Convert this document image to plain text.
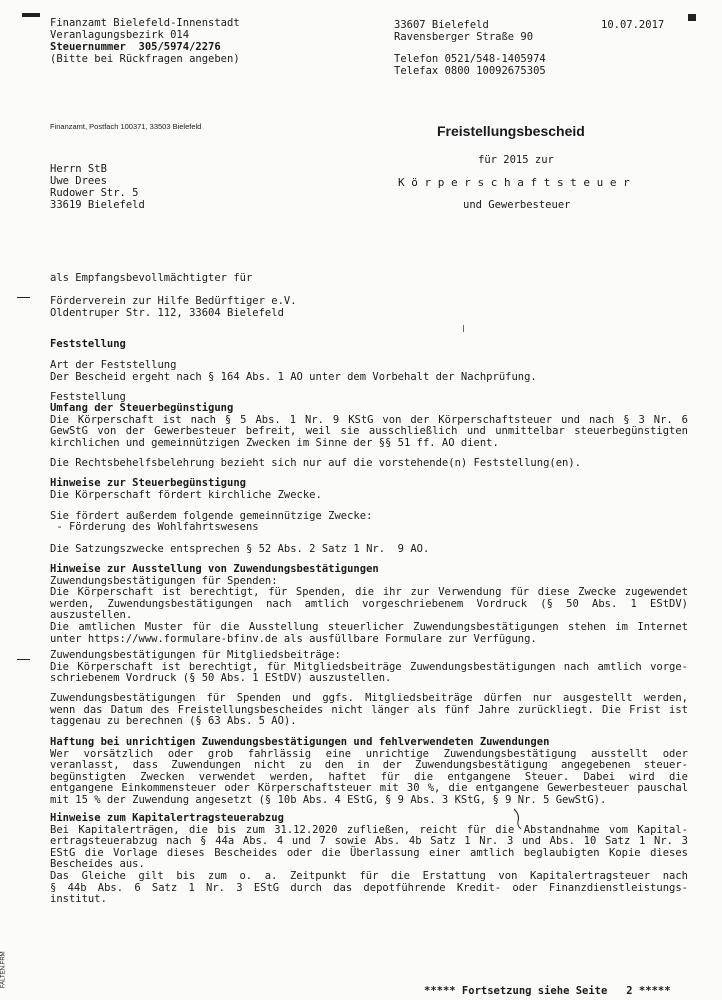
Finanzamt Bielefeld-Innenstadt
Veranlagungsbezirk 014
Steuernummer  305/5974/2276
(Bitte bei Rückfragen angeben)
33607 Bielefeld
Ravensberger Straße 90
10.07.2017
Telefon 0521/548-1405974
Telefax 0800 10092675305
Finanzamt, Postfach 100371, 33503 Bielefeld	Freistellungsbescheid
für 2015 zur
K ö r p e r s c h a f t s t e u e r
und Gewerbesteuer
Herrn StB
Uwe Drees
Rudower Str. 5
33619 Bielefeld
als Empfangsbevollmächtigter für
Förderverein zur Hilfe Bedürftiger e.V.
Oldentruper Str. 112, 33604 Bielefeld
Feststellung
Art der Feststellung
Der Bescheid ergeht nach § 164 Abs. 1 AO unter dem Vorbehalt der Nachprüfung.
Feststellung
Umfang der Steuerbegünstigung
Die Körperschaft ist nach § 5 Abs. 1 Nr. 9 KStG von der Körperschaftsteuer und nach § 3 Nr. 6
GewStG von der Gewerbesteuer befreit, weil sie ausschließlich und unmittelbar steuerbegünstigten
kirchlichen und gemeinnützigen Zwecken im Sinne der §§ 51 ff. AO dient.
Die Rechtsbehelfsbelehrung bezieht sich nur auf die vorstehende(n) Feststellung(en).
Hinweise zur Steuerbegünstigung
Die Körperschaft fördert kirchliche Zwecke.
Sie fördert außerdem folgende gemeinnützige Zwecke:
- Förderung des Wohlfahrtswesens
Die Satzungszwecke entsprechen § 52 Abs. 2 Satz 1 Nr.  9 AO.
Hinweise zur Ausstellung von Zuwendungsbestätigungen
Zuwendungsbestätigungen für Spenden:
Die Körperschaft ist berechtigt, für Spenden, die ihr zur Verwendung für diese Zwecke zugewendet
werden, Zuwendungsbestätigungen nach amtlich vorgeschriebenem Vordruck (§ 50 Abs. 1 EStDV)
auszustellen.
Die amtlichen Muster für die Ausstellung steuerlicher Zuwendungsbestätigungen stehen im Internet
unter https://www.formulare-bfinv.de als ausfüllbare Formulare zur Verfügung.
Zuwendungsbestätigungen für Mitgliedsbeiträge:
Die Körperschaft ist berechtigt, für Mitgliedsbeiträge Zuwendungsbestätigungen nach amtlich vorge-
schriebenem Vordruck (§ 50 Abs. 1 EStDV) auszustellen.
Zuwendungsbestätigungen für Spenden und ggfs. Mitgliedsbeiträge dürfen nur ausgestellt werden,
wenn das Datum des Freistellungsbescheides nicht länger als fünf Jahre zurückliegt. Die Frist ist
taggenau zu berechnen (§ 63 Abs. 5 AO).
Haftung bei unrichtigen Zuwendungsbestätigungen und fehlverwendeten Zuwendungen
Wer vorsätzlich oder grob fahrlässig eine unrichtige Zuwendungsbestätigung ausstellt oder
veranlasst, dass Zuwendungen nicht zu den in der Zuwendungsbestätigung angegebenen steuer-
begünstigten Zwecken verwendet werden, haftet für die entgangene Steuer. Dabei wird die
entgangene Einkommensteuer oder Körperschaftsteuer mit 30 %, die entgangene Gewerbesteuer pauschal
mit 15 % der Zuwendung angesetzt (§ 10b Abs. 4 EStG, § 9 Abs. 3 KStG, § 9 Nr. 5 GewStG).
Hinweise zum Kapitalertragsteuerabzug
Bei Kapitalerträgen, die bis zum 31.12.2020 zufließen, reicht für die Abstandnahme vom Kapital-
ertragsteuerabzug nach § 44a Abs. 4 und 7 sowie Abs. 4b Satz 1 Nr. 3 und Abs. 10 Satz 1 Nr. 3
EStG die Vorlage dieses Bescheides oder die Überlassung einer amtlich beglaubigten Kopie dieses
Bescheides aus.
Das Gleiche gilt bis zum o. a. Zeitpunkt für die Erstattung von Kapitalertragsteuer nach
§ 44b Abs. 6 Satz 1 Nr. 3 EStG durch das depotführende Kredit- oder Finanzdienstleistungs-
institut.
***** Fortsetzung siehe Seite   2 *****
FALTEN.FRM
